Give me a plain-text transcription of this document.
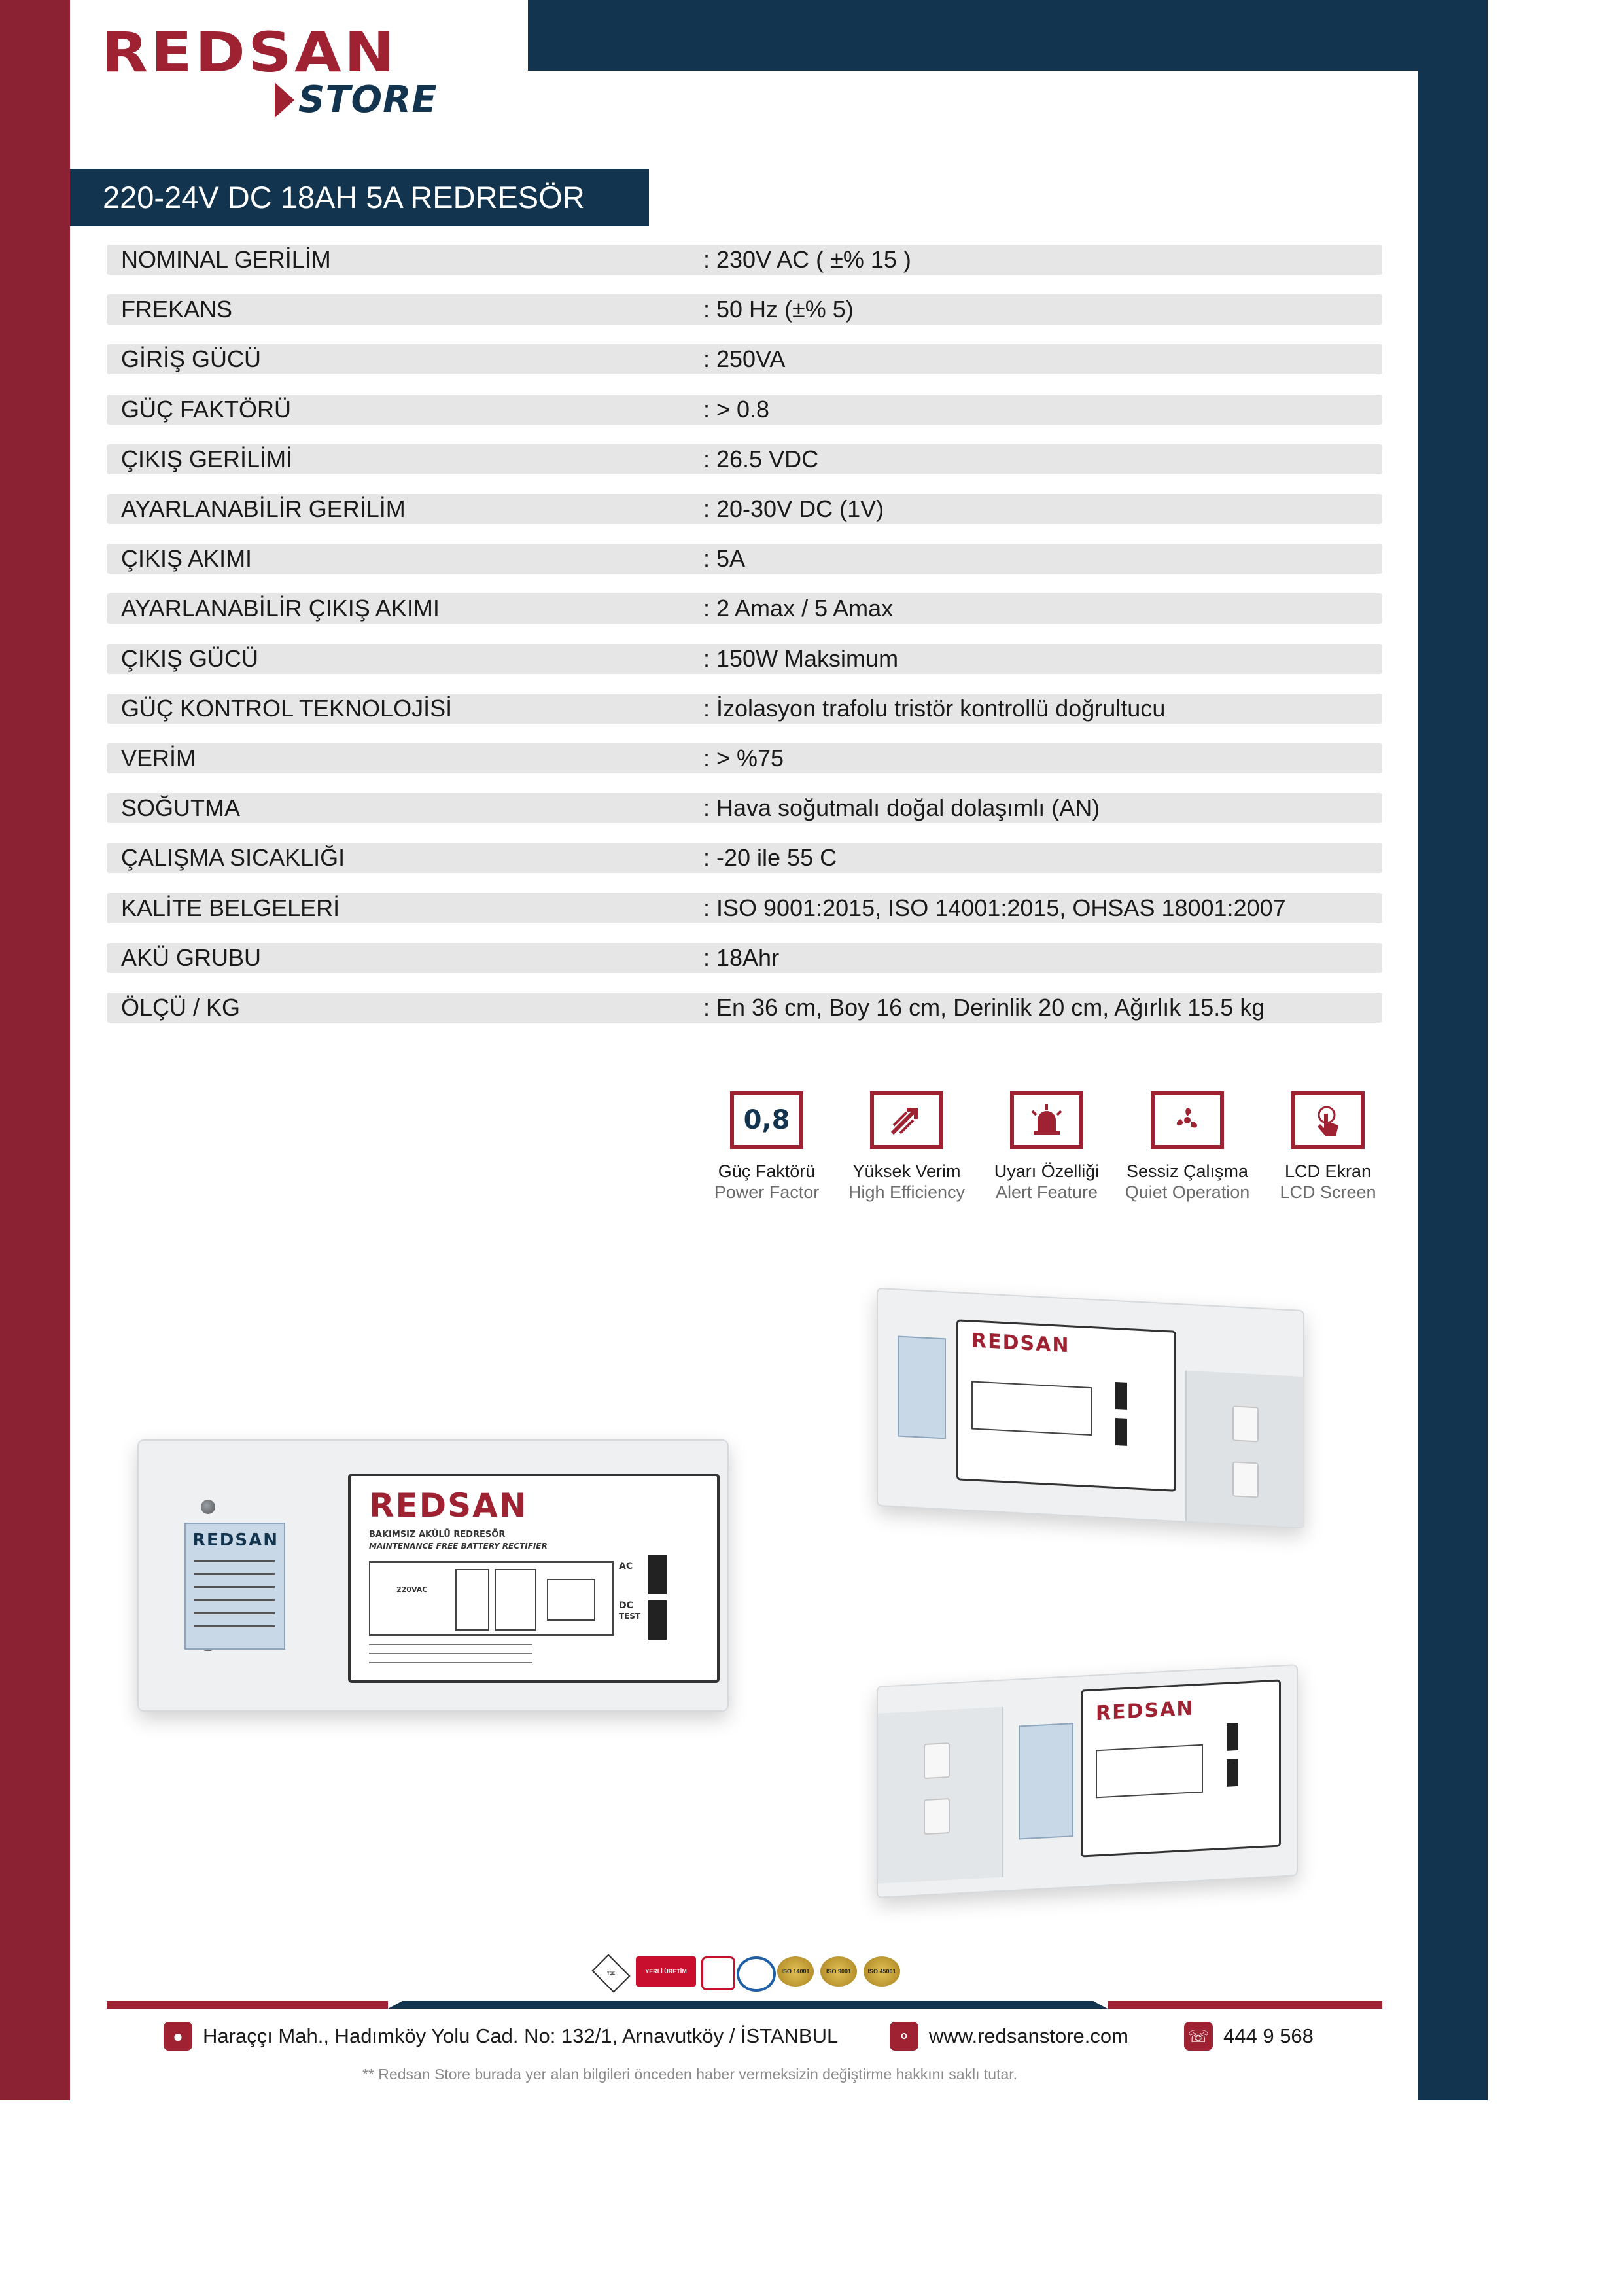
REDSAN
STORE
220-24V DC 18AH 5A REDRESÖR
NOMINAL GERİLİM	: 230V AC ( ±% 15 )
FREKANS	: 50 Hz (±% 5)
GİRİŞ GÜCÜ	: 250VA
GÜÇ FAKTÖRÜ	: > 0.8
ÇIKIŞ GERİLİMİ	: 26.5 VDC
AYARLANABİLİR GERİLİM	: 20-30V DC (1V)
ÇIKIŞ AKIMI	: 5A
AYARLANABİLİR ÇIKIŞ AKIMI	: 2 Amax / 5 Amax
ÇIKIŞ GÜCÜ	: 150W Maksimum
GÜÇ KONTROL TEKNOLOJİSİ	: İzolasyon trafolu tristör kontrollü doğrultucu
VERİM	: > %75
SOĞUTMA	: Hava soğutmalı doğal dolaşımlı (AN)
ÇALIŞMA SICAKLIĞI	: -20 ile 55 C
KALİTE BELGELERİ	: ISO 9001:2015, ISO 14001:2015, OHSAS 18001:2007
AKÜ GRUBU	: 18Ahr
ÖLÇÜ / KG	: En 36 cm, Boy 16 cm, Derinlik 20 cm, Ağırlık 15.5 kg
0,8
Güç Faktörü
Power Factor
Yüksek Verim
High Efficiency
Uyarı Özelliği
Alert Feature
Sessiz Çalışma
Quiet Operation
LCD Ekran
LCD Screen
REDSAN
REDSAN
BAKIMSIZ AKÜLÜ REDRESÖR
MAINTENANCE FREE BATTERY RECTIFIER
220VAC
AC
DC
TEST
REDSAN
REDSAN
TSE	YERLİ ÜRETİM	ISO 14001	ISO 9001	ISO 45001
● Haraççı Mah., Hadımköy Yolu Cad. No: 132/1, Arnavutköy / İSTANBUL	⚬ www.redsanstore.com	☏ 444 9 568
** Redsan Store burada yer alan bilgileri önceden haber vermeksizin değiştirme hakkını saklı tutar.
